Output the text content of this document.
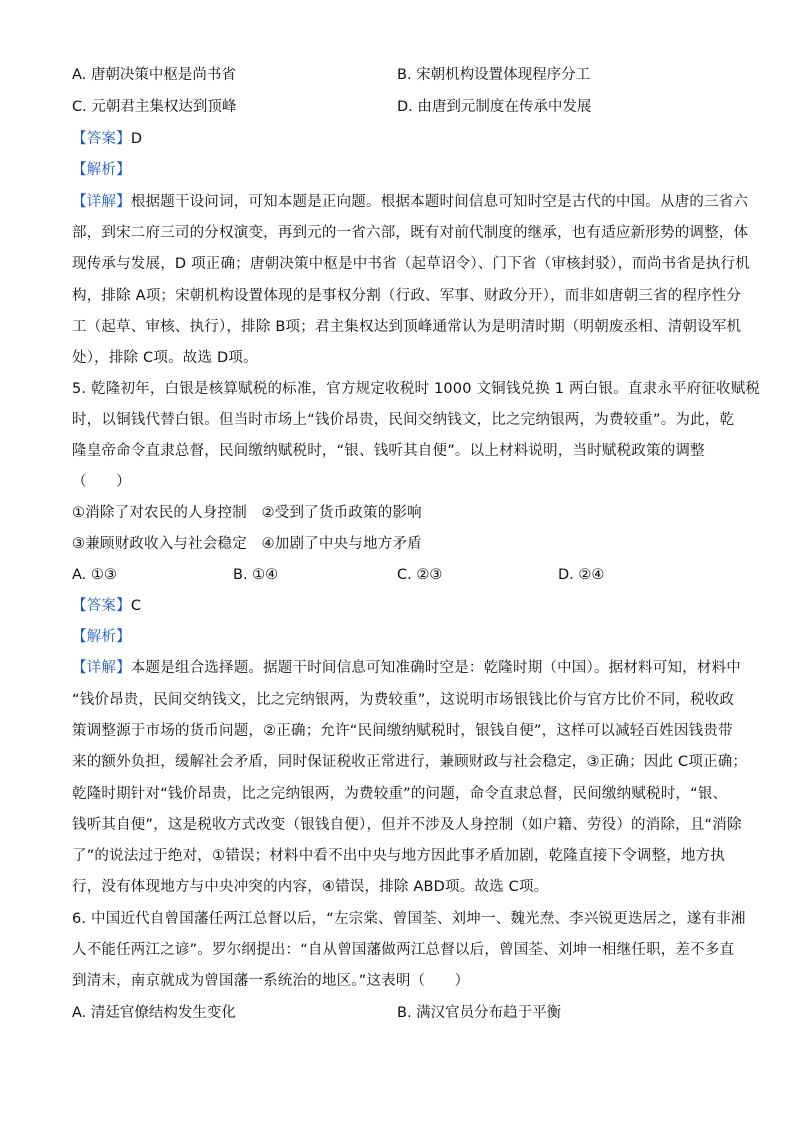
A. 唐朝决策中枢是尚书省	B. 宋朝机构设置体现程序分工
C. 元朝君主集权达到顶峰	D. 由唐到元制度在传承中发展
【答案】D
【解析】
【详解】根据题干设问词，可知本题是正向题。根据本题时间信息可知时空是古代的中国。从唐的三省六
部，到宋二府三司的分权演变，再到元的一省六部，既有对前代制度的继承，也有适应新形势的调整，体
现传承与发展，D 项正确；唐朝决策中枢是中书省（起草诏令）、门下省（审核封驳），而尚书省是执行机
构，排除 A项；宋朝机构设置体现的是事权分割（行政、军事、财政分开），而非如唐朝三省的程序性分
工（起草、审核、执行），排除 B项；君主集权达到顶峰通常认为是明清时期（明朝废丞相、清朝设军机
处），排除 C项。故选 D项。
5. 乾隆初年，白银是核算赋税的标准，官方规定收税时 1000 文铜钱兑换 1 两白银。直隶永平府征收赋税
时，以铜钱代替白银。但当时市场上“钱价昂贵，民间交纳钱文，比之完纳银两，为费较重”。为此，乾
隆皇帝命令直隶总督，民间缴纳赋税时，“银、钱听其自便”。以上材料说明，当时赋税政策的调整
（　　）
①消除了对农民的人身控制　②受到了货币政策的影响
③兼顾财政收入与社会稳定　④加剧了中央与地方矛盾
A. ①③	B. ①④	C. ②③	D. ②④
【答案】C
【解析】
【详解】本题是组合选择题。据题干时间信息可知准确时空是：乾隆时期（中国）。据材料可知，材料中
“钱价昂贵，民间交纳钱文，比之完纳银两，为费较重”，这说明市场银钱比价与官方比价不同，税收政
策调整源于市场的货币问题，②正确；允许“民间缴纳赋税时，银钱自便”，这样可以减轻百姓因钱贵带
来的额外负担，缓解社会矛盾，同时保证税收正常进行，兼顾财政与社会稳定，③正确；因此 C项正确；
乾隆时期针对“钱价昂贵，比之完纳银两，为费较重”的问题，命令直隶总督，民间缴纳赋税时，“银、
钱听其自便”，这是税收方式改变（银钱自便），但并不涉及人身控制（如户籍、劳役）的消除，且“消除
了”的说法过于绝对，①错误；材料中看不出中央与地方因此事矛盾加剧，乾隆直接下令调整，地方执
行，没有体现地方与中央冲突的内容，④错误，排除 ABD项。故选 C项。
6. 中国近代自曾国藩任两江总督以后，“左宗棠、曾国荃、刘坤一、魏光焘、李兴锐更迭居之，遂有非湘
人不能任两江之谚”。罗尔纲提出：“自从曾国藩做两江总督以后，曾国荃、刘坤一相继任职，差不多直
到清末，南京就成为曾国藩一系统治的地区。”这表明（　　）
A. 清廷官僚结构发生变化	B. 满汉官员分布趋于平衡
